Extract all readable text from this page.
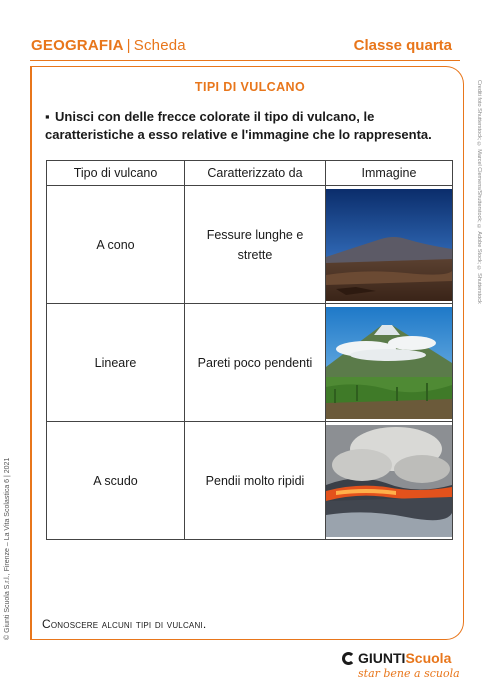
GEOGRAFIA | Scheda	Classe quarta
TIPI DI VULCANO
▪ Unisci con delle frecce colorate il tipo di vulcano, le caratteristiche a esso relative e l'immagine che lo rappresenta.
Tipo di vulcano	Caratterizzato da	Immagine
A cono	Fessure lunghe e strette

Lineare	Pareti poco pendenti	

A scudo	Pendii molto ripidi	
Conoscere alcuni tipi di vulcani.
© Giunti Scuola S.r.l., Firenze – La Vita Scolastica 6 | 2021
Crediti foto Shutterstock; © Marcel Clemens/Shutterstock; © Adobe Stock; © Shutterstock
GIUNTI Scuola
star bene a scuola
